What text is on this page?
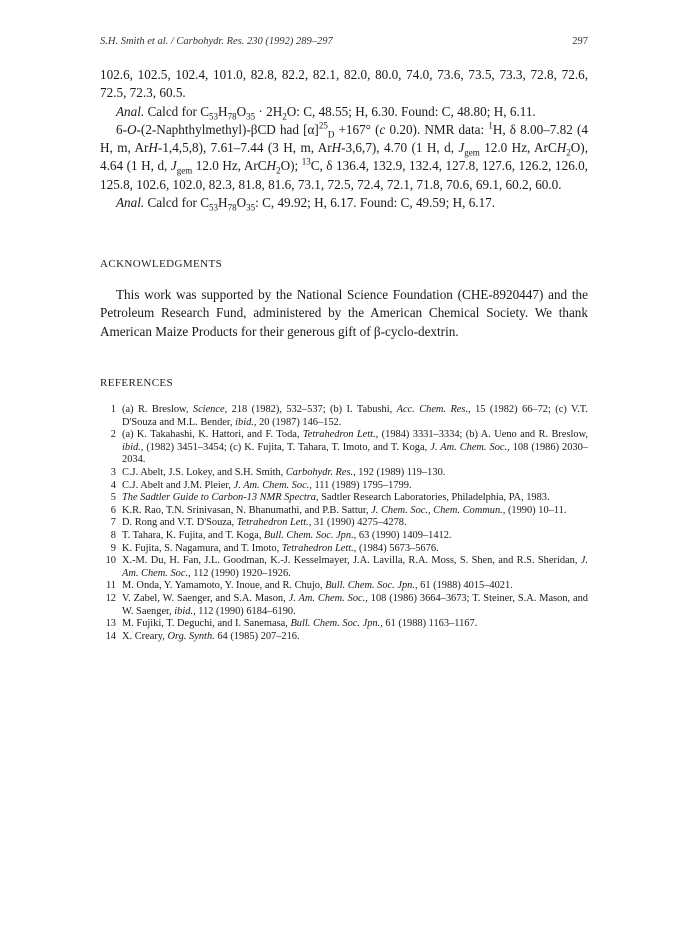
S.H. Smith et al. / Carbohydr. Res. 230 (1992) 289–297	297

102.6, 102.5, 102.4, 101.0, 82.8, 82.2, 82.1, 82.0, 80.0, 74.0, 73.6, 73.5, 73.3, 72.8, 72.6, 72.5, 72.3, 60.5.

Anal. Calcd for $C_{53}H_{78}O_{35} \cdot 2H_2O$: C, 48.55; H, 6.30. Found: C, 48.80; H, 6.11.

6-O-(2-Naphthylmethyl)-βCD had $[\alpha]^{25}_D +167^\circ$ (c 0.20). NMR data: $^1$H, δ 8.00–7.82 (4 H, m, ArH-1,4,5,8), 7.61–7.44 (3 H, m, ArH-3,6,7), 4.70 (1 H, d, $J_{gem}$ 12.0 Hz, ArCH$_2$O), 4.64 (1 H, d, $J_{gem}$ 12.0 Hz, ArCH$_2$O); $^{13}$C, δ 136.4, 132.9, 132.4, 127.8, 127.6, 126.2, 126.0, 125.8, 102.6, 102.0, 82.3, 81.8, 81.6, 73.1, 72.5, 72.4, 72.1, 71.8, 70.6, 69.1, 60.2, 60.0.

Anal. Calcd for $C_{53}H_{78}O_{35}$: C, 49.92; H, 6.17. Found: C, 49.59; H, 6.17.

ACKNOWLEDGMENTS

This work was supported by the National Science Foundation (CHE-8920447) and the Petroleum Research Fund, administered by the American Chemical Society. We thank American Maize Products for their generous gift of β-cyclo-dextrin.

REFERENCES

1 (a) R. Breslow, Science, 218 (1982), 532–537; (b) I. Tabushi, Acc. Chem. Res., 15 (1982) 66–72; (c) V.T. D'Souza and M.L. Bender, ibid., 20 (1987) 146–152.

2 (a) K. Takahashi, K. Hattori, and F. Toda, Tetrahedron Lett., (1984) 3331–3334; (b) A. Ueno and R. Breslow, ibid., (1982) 3451–3454; (c) K. Fujita, T. Tahara, T. Imoto, and T. Koga, J. Am. Chem. Soc., 108 (1986) 2030–2034.

3 C.J. Abelt, J.S. Lokey, and S.H. Smith, Carbohydr. Res., 192 (1989) 119–130.

4 C.J. Abelt and J.M. Pleier, J. Am. Chem. Soc., 111 (1989) 1795–1799.

5 The Sadtler Guide to Carbon-13 NMR Spectra, Sadtler Research Laboratories, Philadelphia, PA, 1983.

6 K.R. Rao, T.N. Srinivasan, N. Bhanumathi, and P.B. Sattur, J. Chem. Soc., Chem. Commun., (1990) 10–11.

7 D. Rong and V.T. D'Souza, Tetrahedron Lett., 31 (1990) 4275–4278.

8 T. Tahara, K. Fujita, and T. Koga, Bull. Chem. Soc. Jpn., 63 (1990) 1409–1412.

9 K. Fujita, S. Nagamura, and T. Imoto, Tetrahedron Lett., (1984) 5673–5676.

10 X.-M. Du, H. Fan, J.L. Goodman, K.-J. Kesselmayer, J.A. Lavilla, R.A. Moss, S. Shen, and R.S. Sheridan, J. Am. Chem. Soc., 112 (1990) 1920–1926.

11 M. Onda, Y. Yamamoto, Y. Inoue, and R. Chujo, Bull. Chem. Soc. Jpn., 61 (1988) 4015–4021.

12 V. Zabel, W. Saenger, and S.A. Mason, J. Am. Chem. Soc., 108 (1986) 3664–3673; T. Steiner, S.A. Mason, and W. Saenger, ibid., 112 (1990) 6184–6190.

13 M. Fujiki, T. Deguchi, and I. Sanemasa, Bull. Chem. Soc. Jpn., 61 (1988) 1163–1167.

14 X. Creary, Org. Synth. 64 (1985) 207–216.
